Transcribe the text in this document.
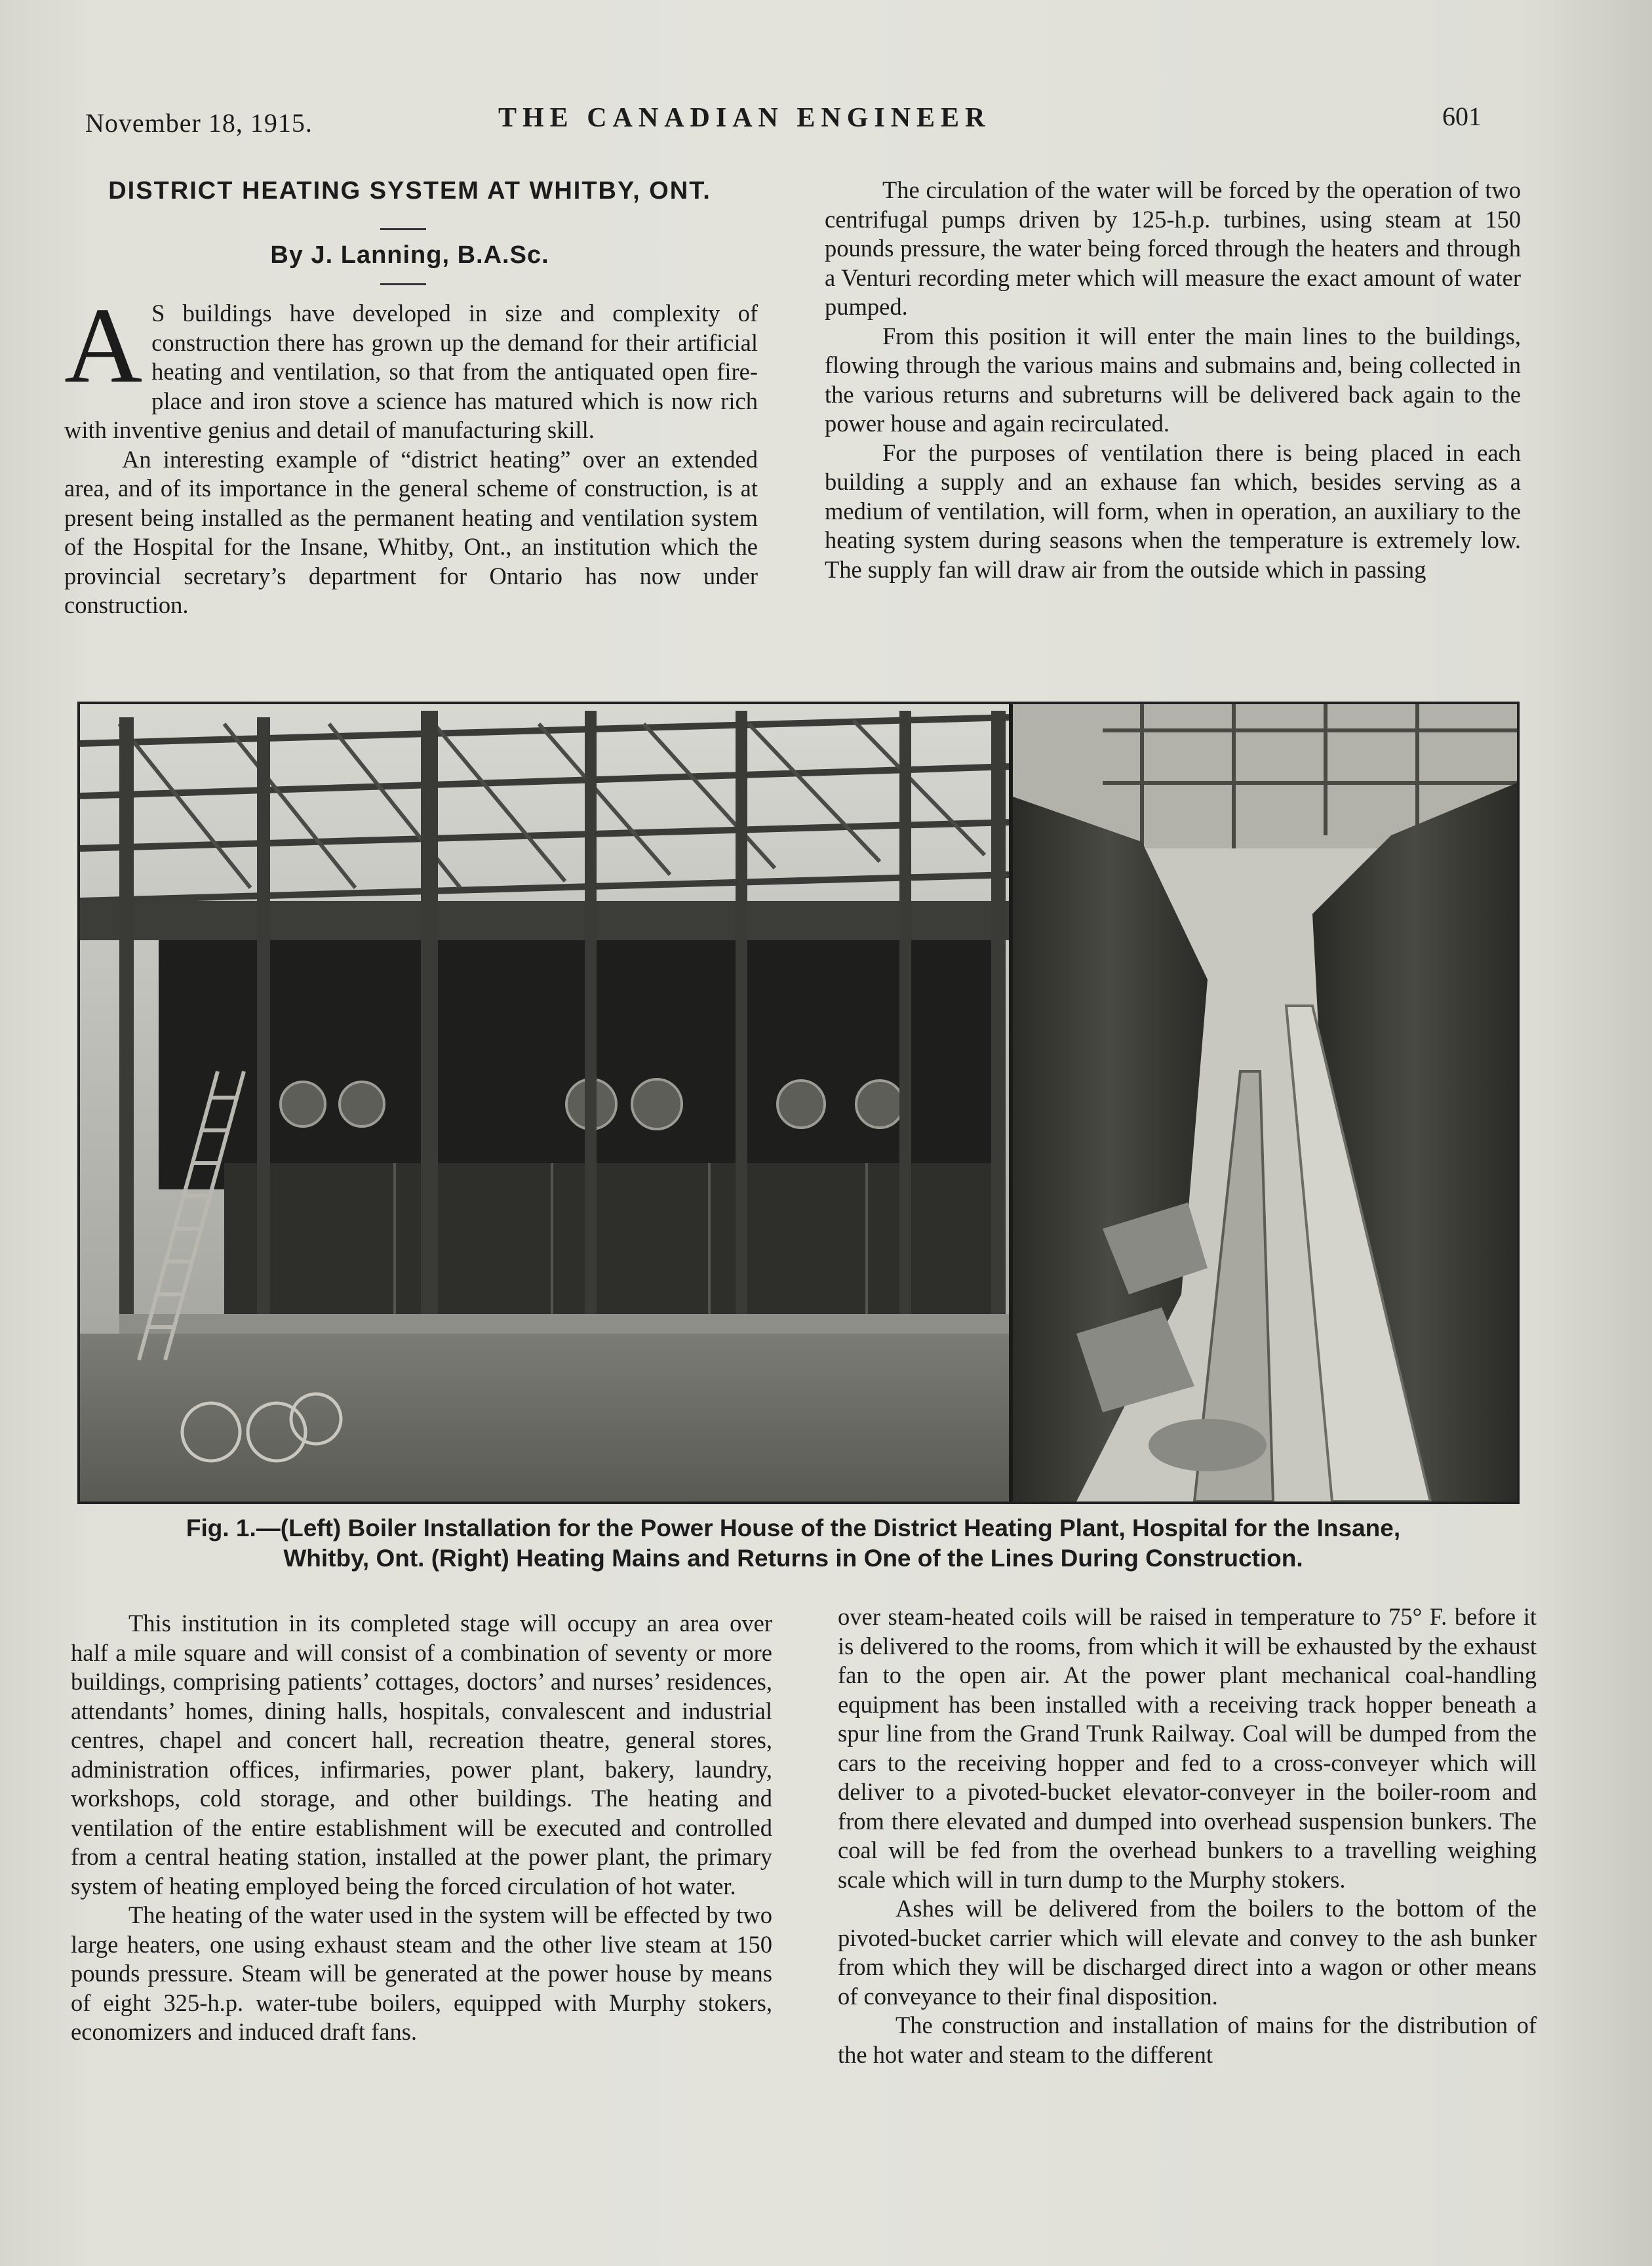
November 18, 1915.	THE CANADIAN ENGINEER	601
DISTRICT HEATING SYSTEM AT WHITBY, ONT.
By J. Lanning, B.A.Sc.

A S buildings have developed in size and complexity of construction there has grown up the demand for their artificial heating and ventilation, so that from the antiquated open fire-place and iron stove a science has matured which is now rich with inventive genius and detail of manufacturing skill.

An interesting example of “district heating” over an extended area, and of its importance in the general scheme of construction, is at present being installed as the permanent heating and ventilation system of the Hospital for the Insane, Whitby, Ont., an institution which the provincial secretary’s department for Ontario has now under construction.

The circulation of the water will be forced by the operation of two centrifugal pumps driven by 125-h.p. turbines, using steam at 150 pounds pressure, the water being forced through the heaters and through a Venturi recording meter which will measure the exact amount of water pumped.

From this position it will enter the main lines to the buildings, flowing through the various mains and submains and, being collected in the various returns and subreturns will be delivered back again to the power house and again recirculated.

For the purposes of ventilation there is being placed in each building a supply and an exhause fan which, besides serving as a medium of ventilation, will form, when in operation, an auxiliary to the heating system during seasons when the temperature is extremely low. The supply fan will draw air from the outside which in passing

Fig. 1.—(Left) Boiler Installation for the Power House of the District Heating Plant, Hospital for the Insane,
Whitby, Ont. (Right) Heating Mains and Returns in One of the Lines During Construction.

This institution in its completed stage will occupy an area over half a mile square and will consist of a combination of seventy or more buildings, comprising patients’ cottages, doctors’ and nurses’ residences, attendants’ homes, dining halls, hospitals, convalescent and industrial centres, chapel and concert hall, recreation theatre, general stores, administration offices, infirmaries, power plant, bakery, laundry, workshops, cold storage, and other buildings. The heating and ventilation of the entire establishment will be executed and controlled from a central heating station, installed at the power plant, the primary system of heating employed being the forced circulation of hot water.

The heating of the water used in the system will be effected by two large heaters, one using exhaust steam and the other live steam at 150 pounds pressure. Steam will be generated at the power house by means of eight 325-h.p. water-tube boilers, equipped with Murphy stokers, economizers and induced draft fans.

over steam-heated coils will be raised in temperature to 75° F. before it is delivered to the rooms, from which it will be exhausted by the exhaust fan to the open air. At the power plant mechanical coal-handling equipment has been installed with a receiving track hopper beneath a spur line from the Grand Trunk Railway. Coal will be dumped from the cars to the receiving hopper and fed to a cross-conveyer which will deliver to a pivoted-bucket elevator-conveyer in the boiler-room and from there elevated and dumped into overhead suspension bunkers. The coal will be fed from the overhead bunkers to a travelling weighing scale which will in turn dump to the Murphy stokers.

Ashes will be delivered from the boilers to the bottom of the pivoted-bucket carrier which will elevate and convey to the ash bunker from which they will be discharged direct into a wagon or other means of conveyance to their final disposition.

The construction and installation of mains for the distribution of the hot water and steam to the different
